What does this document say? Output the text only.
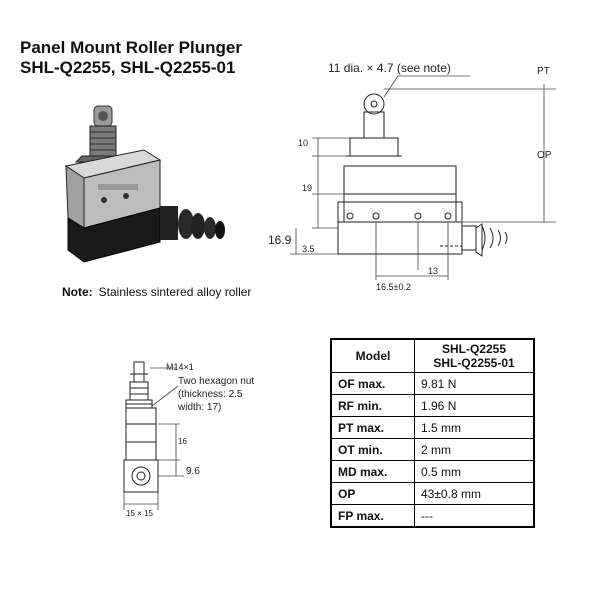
Panel Mount Roller Plunger
SHL-Q2255, SHL-Q2255-01
Note: Stainless sintered alloy roller
11 dia. × 4.7 (see note)	PT
OP
10
19
16.9
3.5
16.5±0.2
13
M14×1
Two hexagon nut (thickness: 2.5 width: 17)
16
9.6
15 × 15
Model	SHL-Q2255
SHL-Q2255-01
OF max.	9.81 N
RF min.	1.96 N
PT max.	1.5 mm
OT min.	2 mm
MD max.	0.5 mm
OP	43±0.8 mm
FP max.	---
